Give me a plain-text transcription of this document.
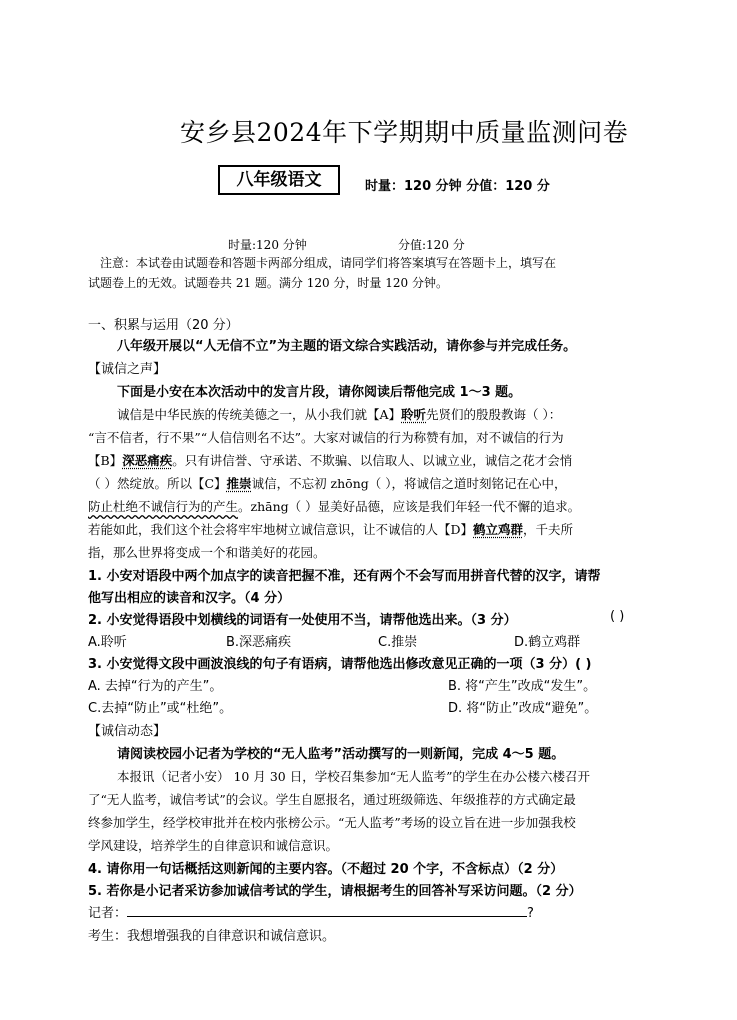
安乡县2024年下学期期中质量监测问卷
八年级语文	时量：120 分钟 分值：120 分
时量:120 分钟	分值:120 分
注意：本试卷由试题卷和答题卡两部分组成，请同学们将答案填写在答题卡上，填写在
试题卷上的无效。试题卷共 21 题。满分 120 分，时量 120 分钟。
一、积累与运用（20 分）
八年级开展以“人无信不立”为主题的语文综合实践活动，请你参与并完成任务。
【诚信之声】
下面是小安在本次活动中的发言片段，请你阅读后帮他完成 1～3 题。
诚信是中华民族的传统美德之一，从小我们就【A】聆听先贤们的殷殷教诲（ ）：
“言不信者，行不果”“人信信则名不达”。大家对诚信的行为称赞有加，对不诚信的行为
【B】深恶痛疾。只有讲信誉、守承诺、不欺骗、以信取人、以诚立业，诚信之花才会悄
（ ）然绽放。所以【C】推崇诚信，不忘初 zhōng（ ），将诚信之道时刻铭记在心中，
防止杜绝不诚信行为的产生。zhāng（ ）显美好品德，应该是我们年轻一代不懈的追求。
若能如此，我们这个社会将牢牢地树立诚信意识，让不诚信的人【D】鹤立鸡群，千夫所
指，那么世界将变成一个和谐美好的花园。
1. 小安对语段中两个加点字的读音把握不准，还有两个不会写而用拼音代替的汉字，请帮
他写出相应的读音和汉字。（4 分）
2. 小安觉得语段中划横线的词语有一处使用不当，请帮他选出来。（3 分）	( )
A.聆听	B.深恶痛疾	C.推崇	D.鹤立鸡群
3. 小安觉得文段中画波浪线的句子有语病，请帮他选出修改意见正确的一项（3 分）( )
A. 去掉“行为的产生”。	B. 将“产生”改成“发生”。
C.去掉“防止”或“杜绝”。	D. 将“防止”改成“避免”。
【诚信动态】
请阅读校园小记者为学校的“无人监考”活动撰写的一则新闻，完成 4～5 题。
本报讯（记者小安） 10 月 30 日，学校召集参加“无人监考”的学生在办公楼六楼召开
了“无人监考，诚信考试”的会议。学生自愿报名，通过班级筛选、年级推荐的方式确定最
终参加学生，经学校审批并在校内张榜公示。“无人监考”考场的设立旨在进一步加强我校
学风建设，培养学生的自律意识和诚信意识。
4. 请你用一句话概括这则新闻的主要内容。（不超过 20 个字，不含标点）（2 分）
5. 若你是小记者采访参加诚信考试的学生，请根据考生的回答补写采访问题。（2 分）
记者：	?
考生：我想增强我的自律意识和诚信意识。
